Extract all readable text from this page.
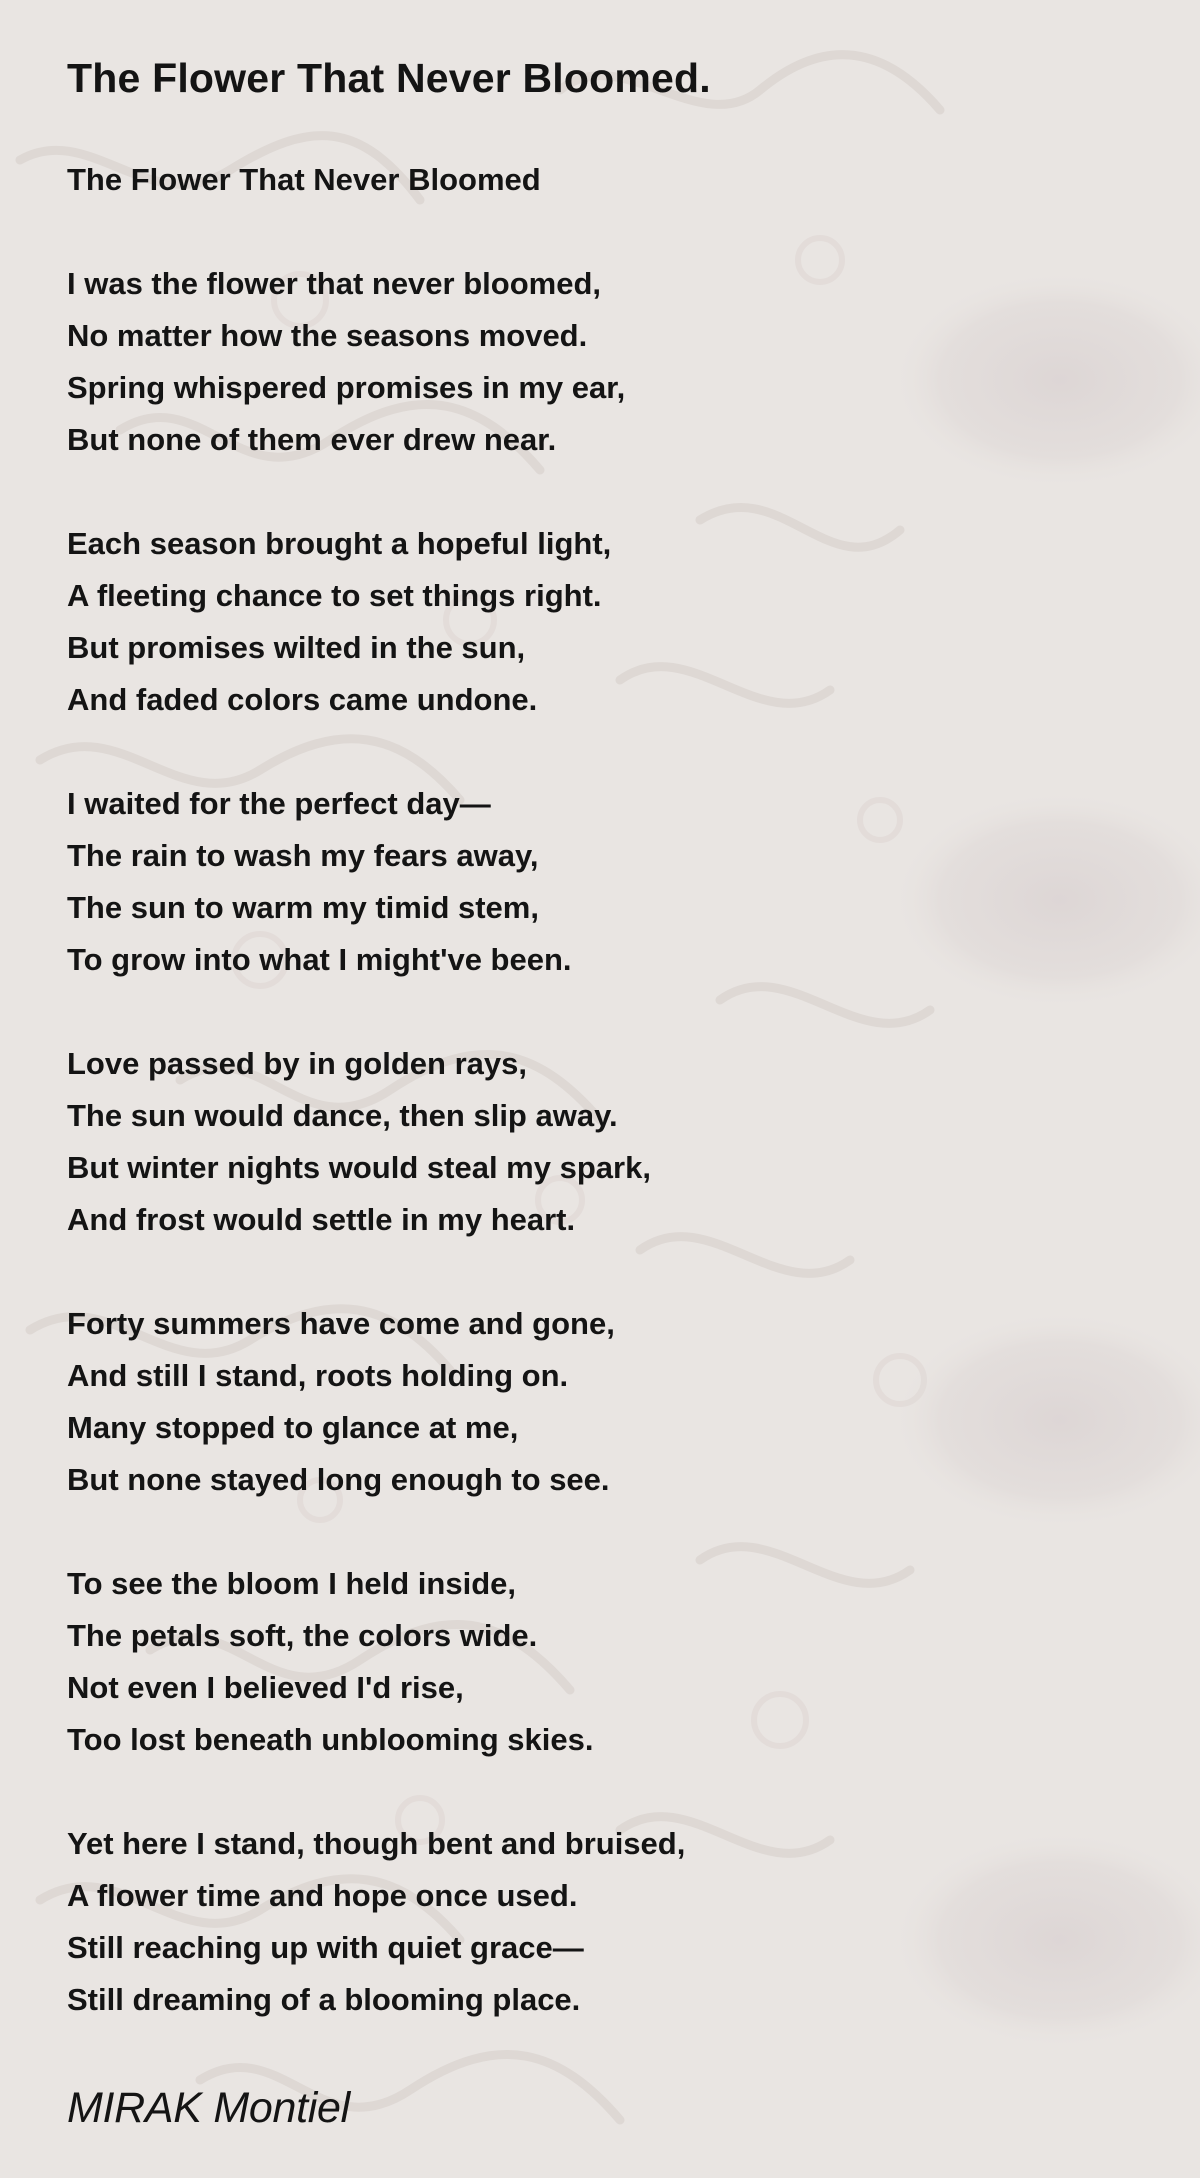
The Flower That Never Bloomed.
The Flower That Never Bloomed
I was the flower that never bloomed,
No matter how the seasons moved.
Spring whispered promises in my ear,
But none of them ever drew near.
Each season brought a hopeful light,
A fleeting chance to set things right.
But promises wilted in the sun,
And faded colors came undone.
I waited for the perfect day—
The rain to wash my fears away,
The sun to warm my timid stem,
To grow into what I might've been.
Love passed by in golden rays,
The sun would dance, then slip away.
But winter nights would steal my spark,
And frost would settle in my heart.
Forty summers have come and gone,
And still I stand, roots holding on.
Many stopped to glance at me,
But none stayed long enough to see.
To see the bloom I held inside,
The petals soft, the colors wide.
Not even I believed I'd rise,
Too lost beneath unblooming skies.
Yet here I stand, though bent and bruised,
A flower time and hope once used.
Still reaching up with quiet grace—
Still dreaming of a blooming place.
MIRAK Montiel
